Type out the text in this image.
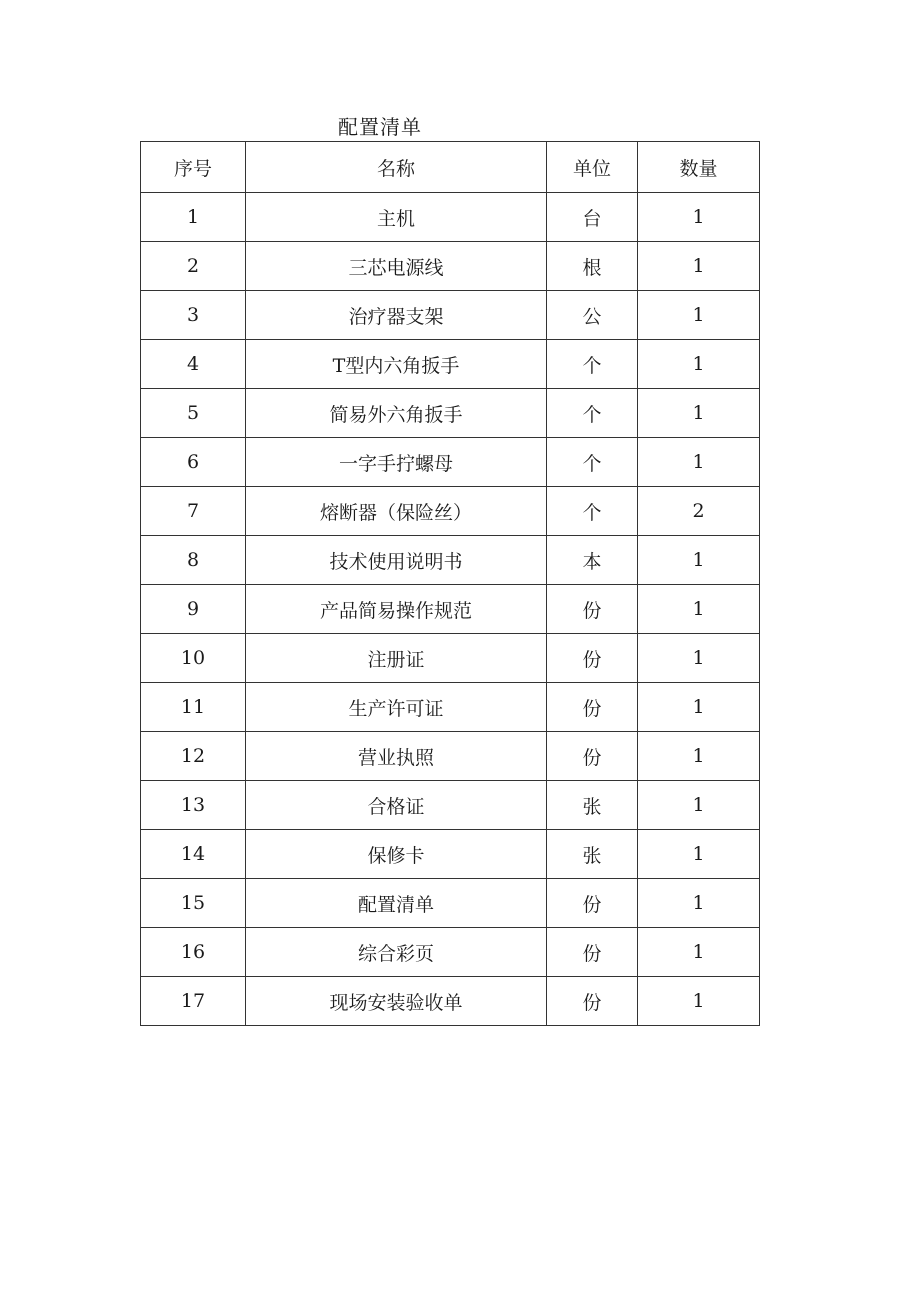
配置清单
序号	名称	单位	数量
1	主机	台	1
2	三芯电源线	根	1
3	治疗器支架	公	1
4	T型内六角扳手	个	1
5	简易外六角扳手	个	1
6	一字手拧螺母	个	1
7	熔断器（保险丝）	个	2
8	技术使用说明书	本	1
9	产品简易操作规范	份	1
10	注册证	份	1
11	生产许可证	份	1
12	营业执照	份	1
13	合格证	张	1
14	保修卡	张	1
15	配置清单	份	1
16	综合彩页	份	1
17	现场安装验收单	份	1
